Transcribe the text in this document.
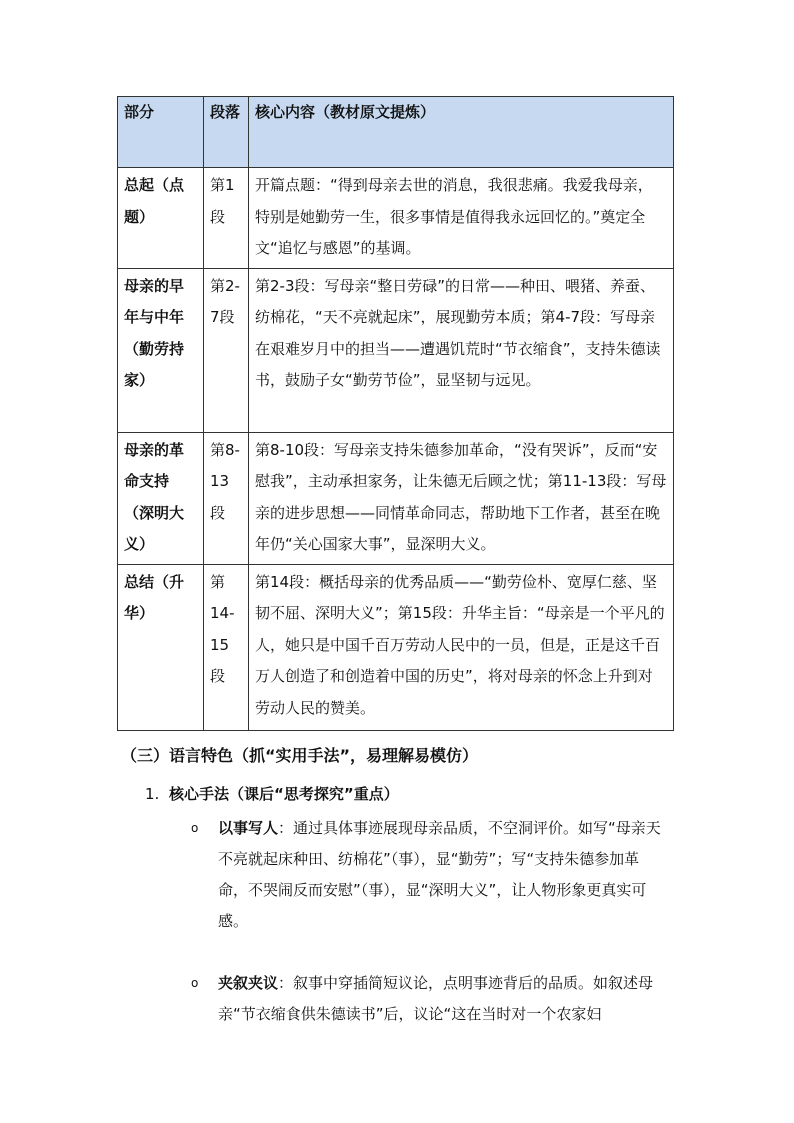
部分	段落	核心内容（教材原文提炼）
总起（点题）	第1段	开篇点题：“得到母亲去世的消息，我很悲痛。我爱我母亲，特别是她勤劳一生，很多事情是值得我永远回忆的。”奠定全文“追忆与感恩”的基调。
母亲的早年与中年（勤劳持家）	第2-7段	第2-3段：写母亲“整日劳碌”的日常——种田、喂猪、养蚕、纺棉花，“天不亮就起床”，展现勤劳本质；第4-7段：写母亲在艰难岁月中的担当——遭遇饥荒时“节衣缩食”，支持朱德读书，鼓励子女“勤劳节俭”，显坚韧与远见。
母亲的革命支持（深明大义）	第8-13段	第8-10段：写母亲支持朱德参加革命，“没有哭诉”，反而“安慰我”，主动承担家务，让朱德无后顾之忧；第11-13段：写母亲的进步思想——同情革命同志，帮助地下工作者，甚至在晚年仍“关心国家大事”，显深明大义。
总结（升华）	第14-15段	第14段：概括母亲的优秀品质——“勤劳俭朴、宽厚仁慈、坚韧不屈、深明大义”；第15段：升华主旨：“母亲是一个平凡的人，她只是中国千百万劳动人民中的一员，但是，正是这千百万人创造了和创造着中国的历史”，将对母亲的怀念上升到对劳动人民的赞美。
（三）语言特色（抓“实用手法”，易理解易模仿）
1. 核心手法（课后“思考探究”重点）
o 以事写人：通过具体事迹展现母亲品质，不空洞评价。如写“母亲天不亮就起床种田、纺棉花”（事），显“勤劳”；写“支持朱德参加革命，不哭闹反而安慰”（事），显“深明大义”，让人物形象更真实可感。
o 夹叙夹议：叙事中穿插简短议论，点明事迹背后的品质。如叙述母亲“节衣缩食供朱德读书”后，议论“这在当时对一个农家妇
